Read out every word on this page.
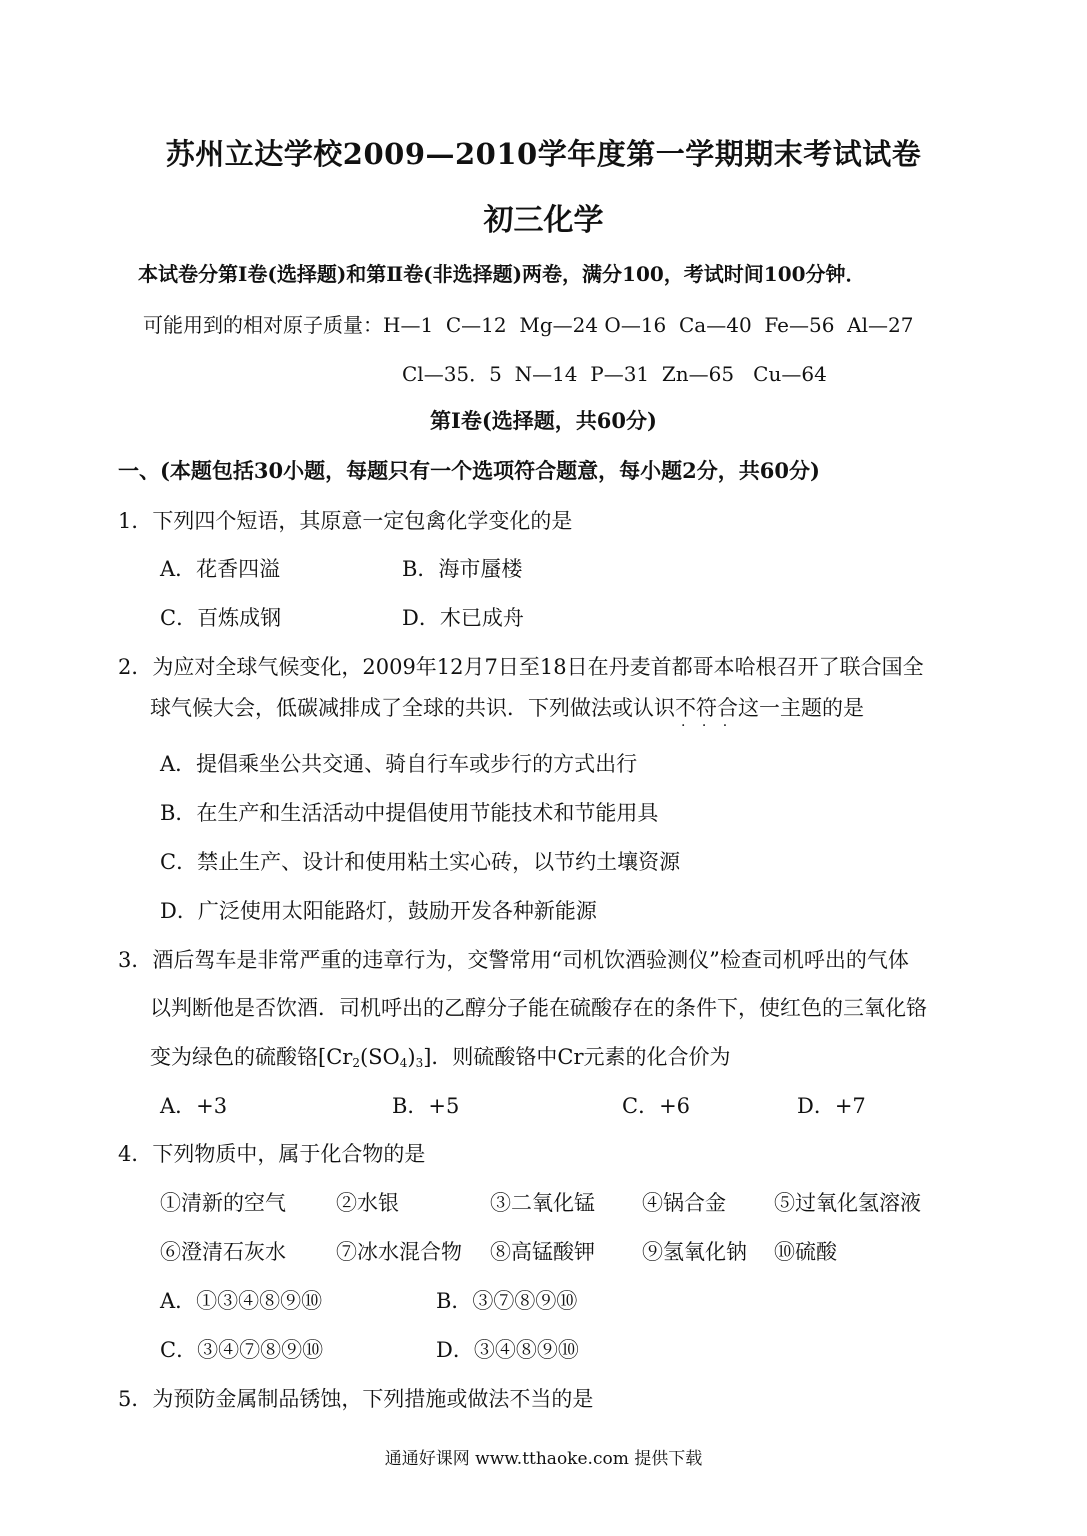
苏州立达学校2009—2010学年度第一学期期末考试试卷
初三化学
本试卷分第Ⅰ卷(选择题)和第Ⅱ卷(非选择题)两卷，满分100，考试时间100分钟．
可能用到的相对原子质量：H—1  C—12  Mg—24 O—16  Ca—40  Fe—56  Al—27
Cl—35．5  N—14  P—31  Zn—65   Cu—64
第Ⅰ卷(选择题，共60分)
一、(本题包括30小题，每题只有一个选项符合题意，每小题2分，共60分)
1．下列四个短语，其原意一定包禽化学变化的是
A．花香四溢	B．海市蜃楼
C．百炼成钢	D．木已成舟
2．为应对全球气候变化，2009年12月7日至18日在丹麦首都哥本哈根召开了联合国全
球气候大会，低碳减排成了全球的共识．下列做法或认识不符合 · · ·这一主题的是
A．提倡乘坐公共交通、骑自行车或步行的方式出行
B．在生产和生活活动中提倡使用节能技术和节能用具
C．禁止生产、设计和使用粘土实心砖，以节约土壤资源
D．广泛使用太阳能路灯，鼓励开发各种新能源
3．酒后驾车是非常严重的违章行为，交警常用“司机饮酒验测仪”检查司机呼出的气体
以判断他是否饮酒．司机呼出的乙醇分子能在硫酸存在的条件下，使红色的三氧化铬
变为绿色的硫酸铬$[Cr_2(SO_4)_3]$．则硫酸铬中Cr元素的化合价为
A．+3	B．+5	C．+6	D．+7
4．下列物质中，属于化合物的是
①清新的空气 ②水银	③二氧化锰 ④锅合金 ⑤过氧化氢溶液
⑥澄清石灰水 ⑦冰水混合物 ⑧高锰酸钾 ⑨氢氧化钠 ⑩硫酸
A．①③④⑧⑨⑩	B．③⑦⑧⑨⑩
C．③④⑦⑧⑨⑩	D．③④⑧⑨⑩
5．为预防金属制品锈蚀，下列措施或做法不当的是
通通好课网 www.tthaoke.com 提供下载
